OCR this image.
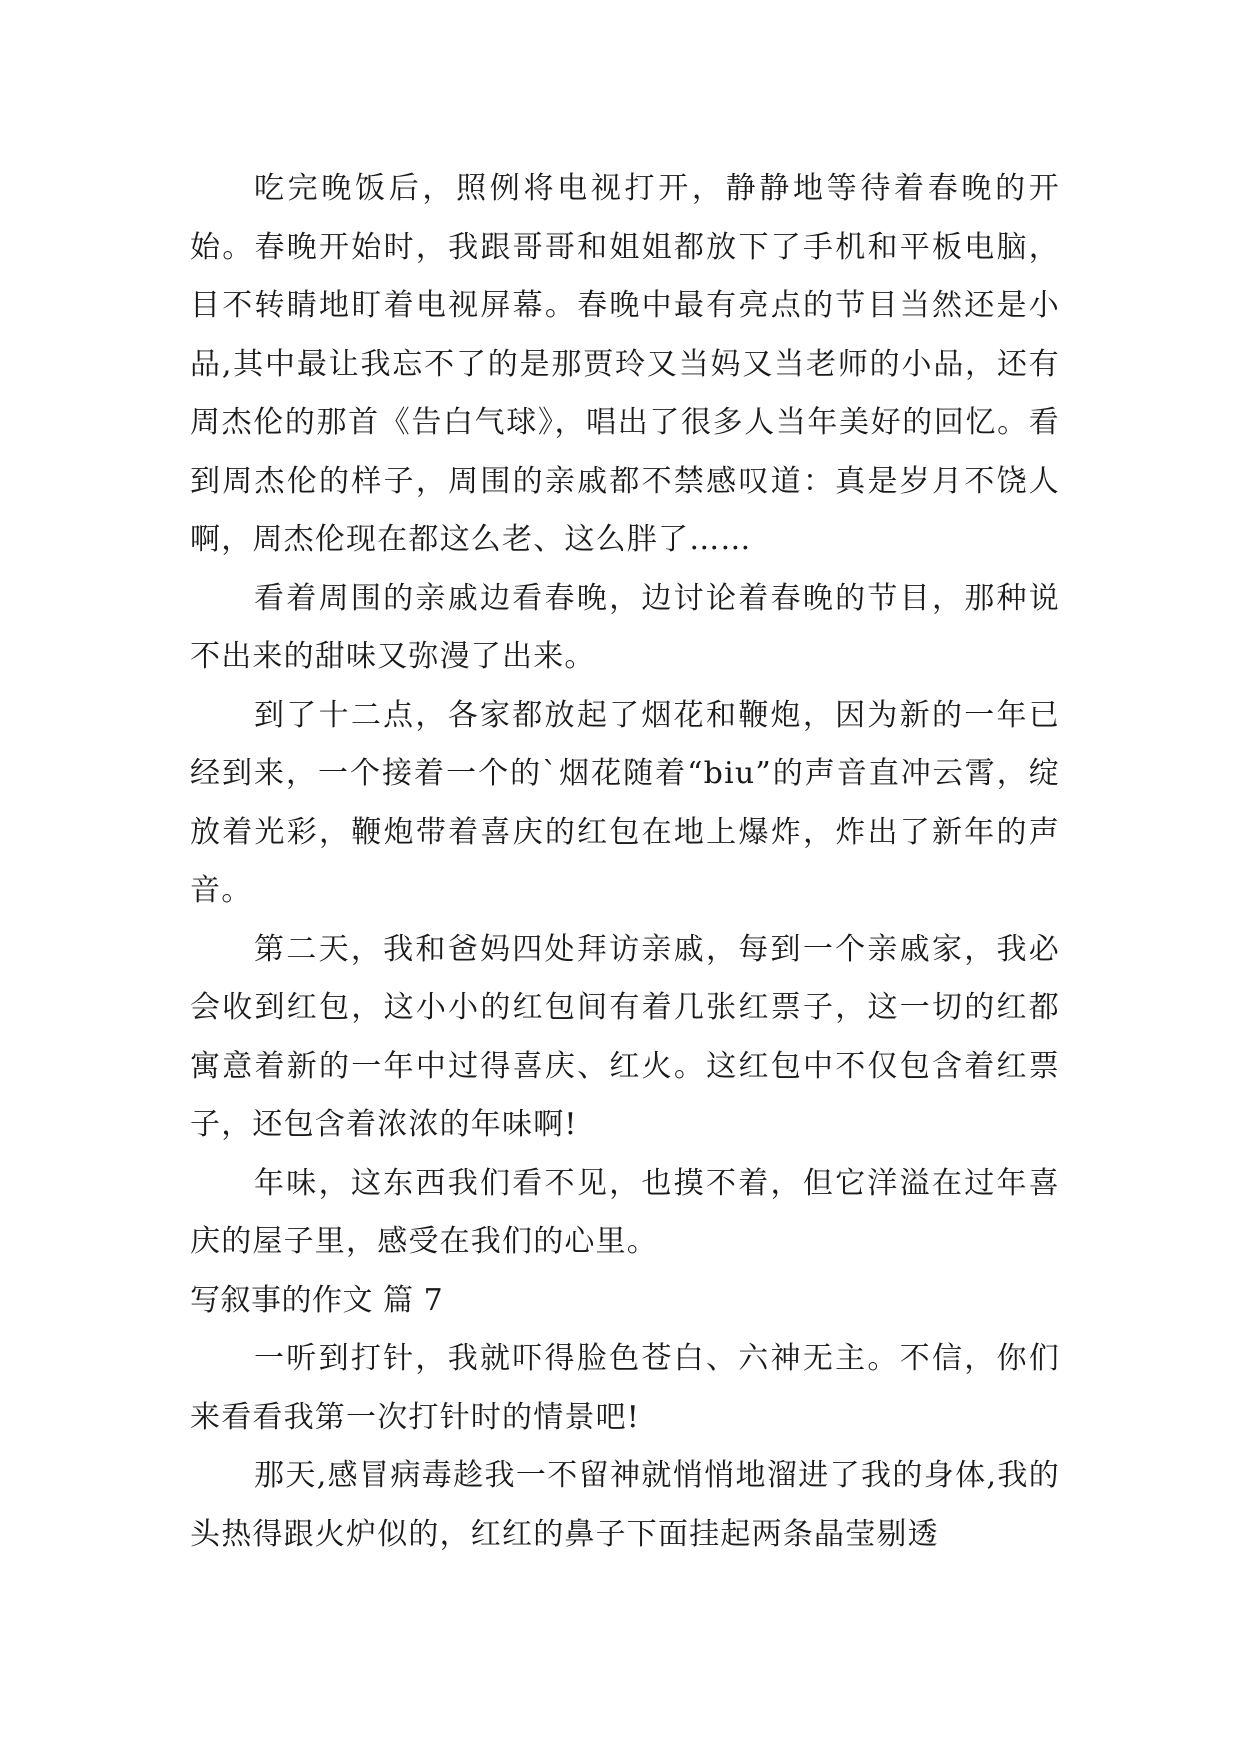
吃完晚饭后，照例将电视打开，静静地等待着春晚的开始。春晚开始时，我跟哥哥和姐姐都放下了手机和平板电脑，目不转睛地盯着电视屏幕。春晚中最有亮点的节目当然还是小品,其中最让我忘不了的是那贾玲又当妈又当老师的小品，还有周杰伦的那首《告白气球》，唱出了很多人当年美好的回忆。看到周杰伦的样子，周围的亲戚都不禁感叹道：真是岁月不饶人啊，周杰伦现在都这么老、这么胖了……

看着周围的亲戚边看春晚，边讨论着春晚的节目，那种说不出来的甜味又弥漫了出来。

到了十二点，各家都放起了烟花和鞭炮，因为新的一年已经到来，一个接着一个的`烟花随着“biu”的声音直冲云霄，绽放着光彩，鞭炮带着喜庆的红包在地上爆炸，炸出了新年的声音。

第二天，我和爸妈四处拜访亲戚，每到一个亲戚家，我必会收到红包，这小小的红包间有着几张红票子，这一切的红都寓意着新的一年中过得喜庆、红火。这红包中不仅包含着红票子，还包含着浓浓的年味啊!

年味，这东西我们看不见，也摸不着，但它洋溢在过年喜庆的屋子里，感受在我们的心里。

写叙事的作文 篇 7

一听到打针，我就吓得脸色苍白、六神无主。不信，你们来看看我第一次打针时的情景吧!

那天,感冒病毒趁我一不留神就悄悄地溜进了我的身体,我的头热得跟火炉似的，红红的鼻子下面挂起两条晶莹剔透
